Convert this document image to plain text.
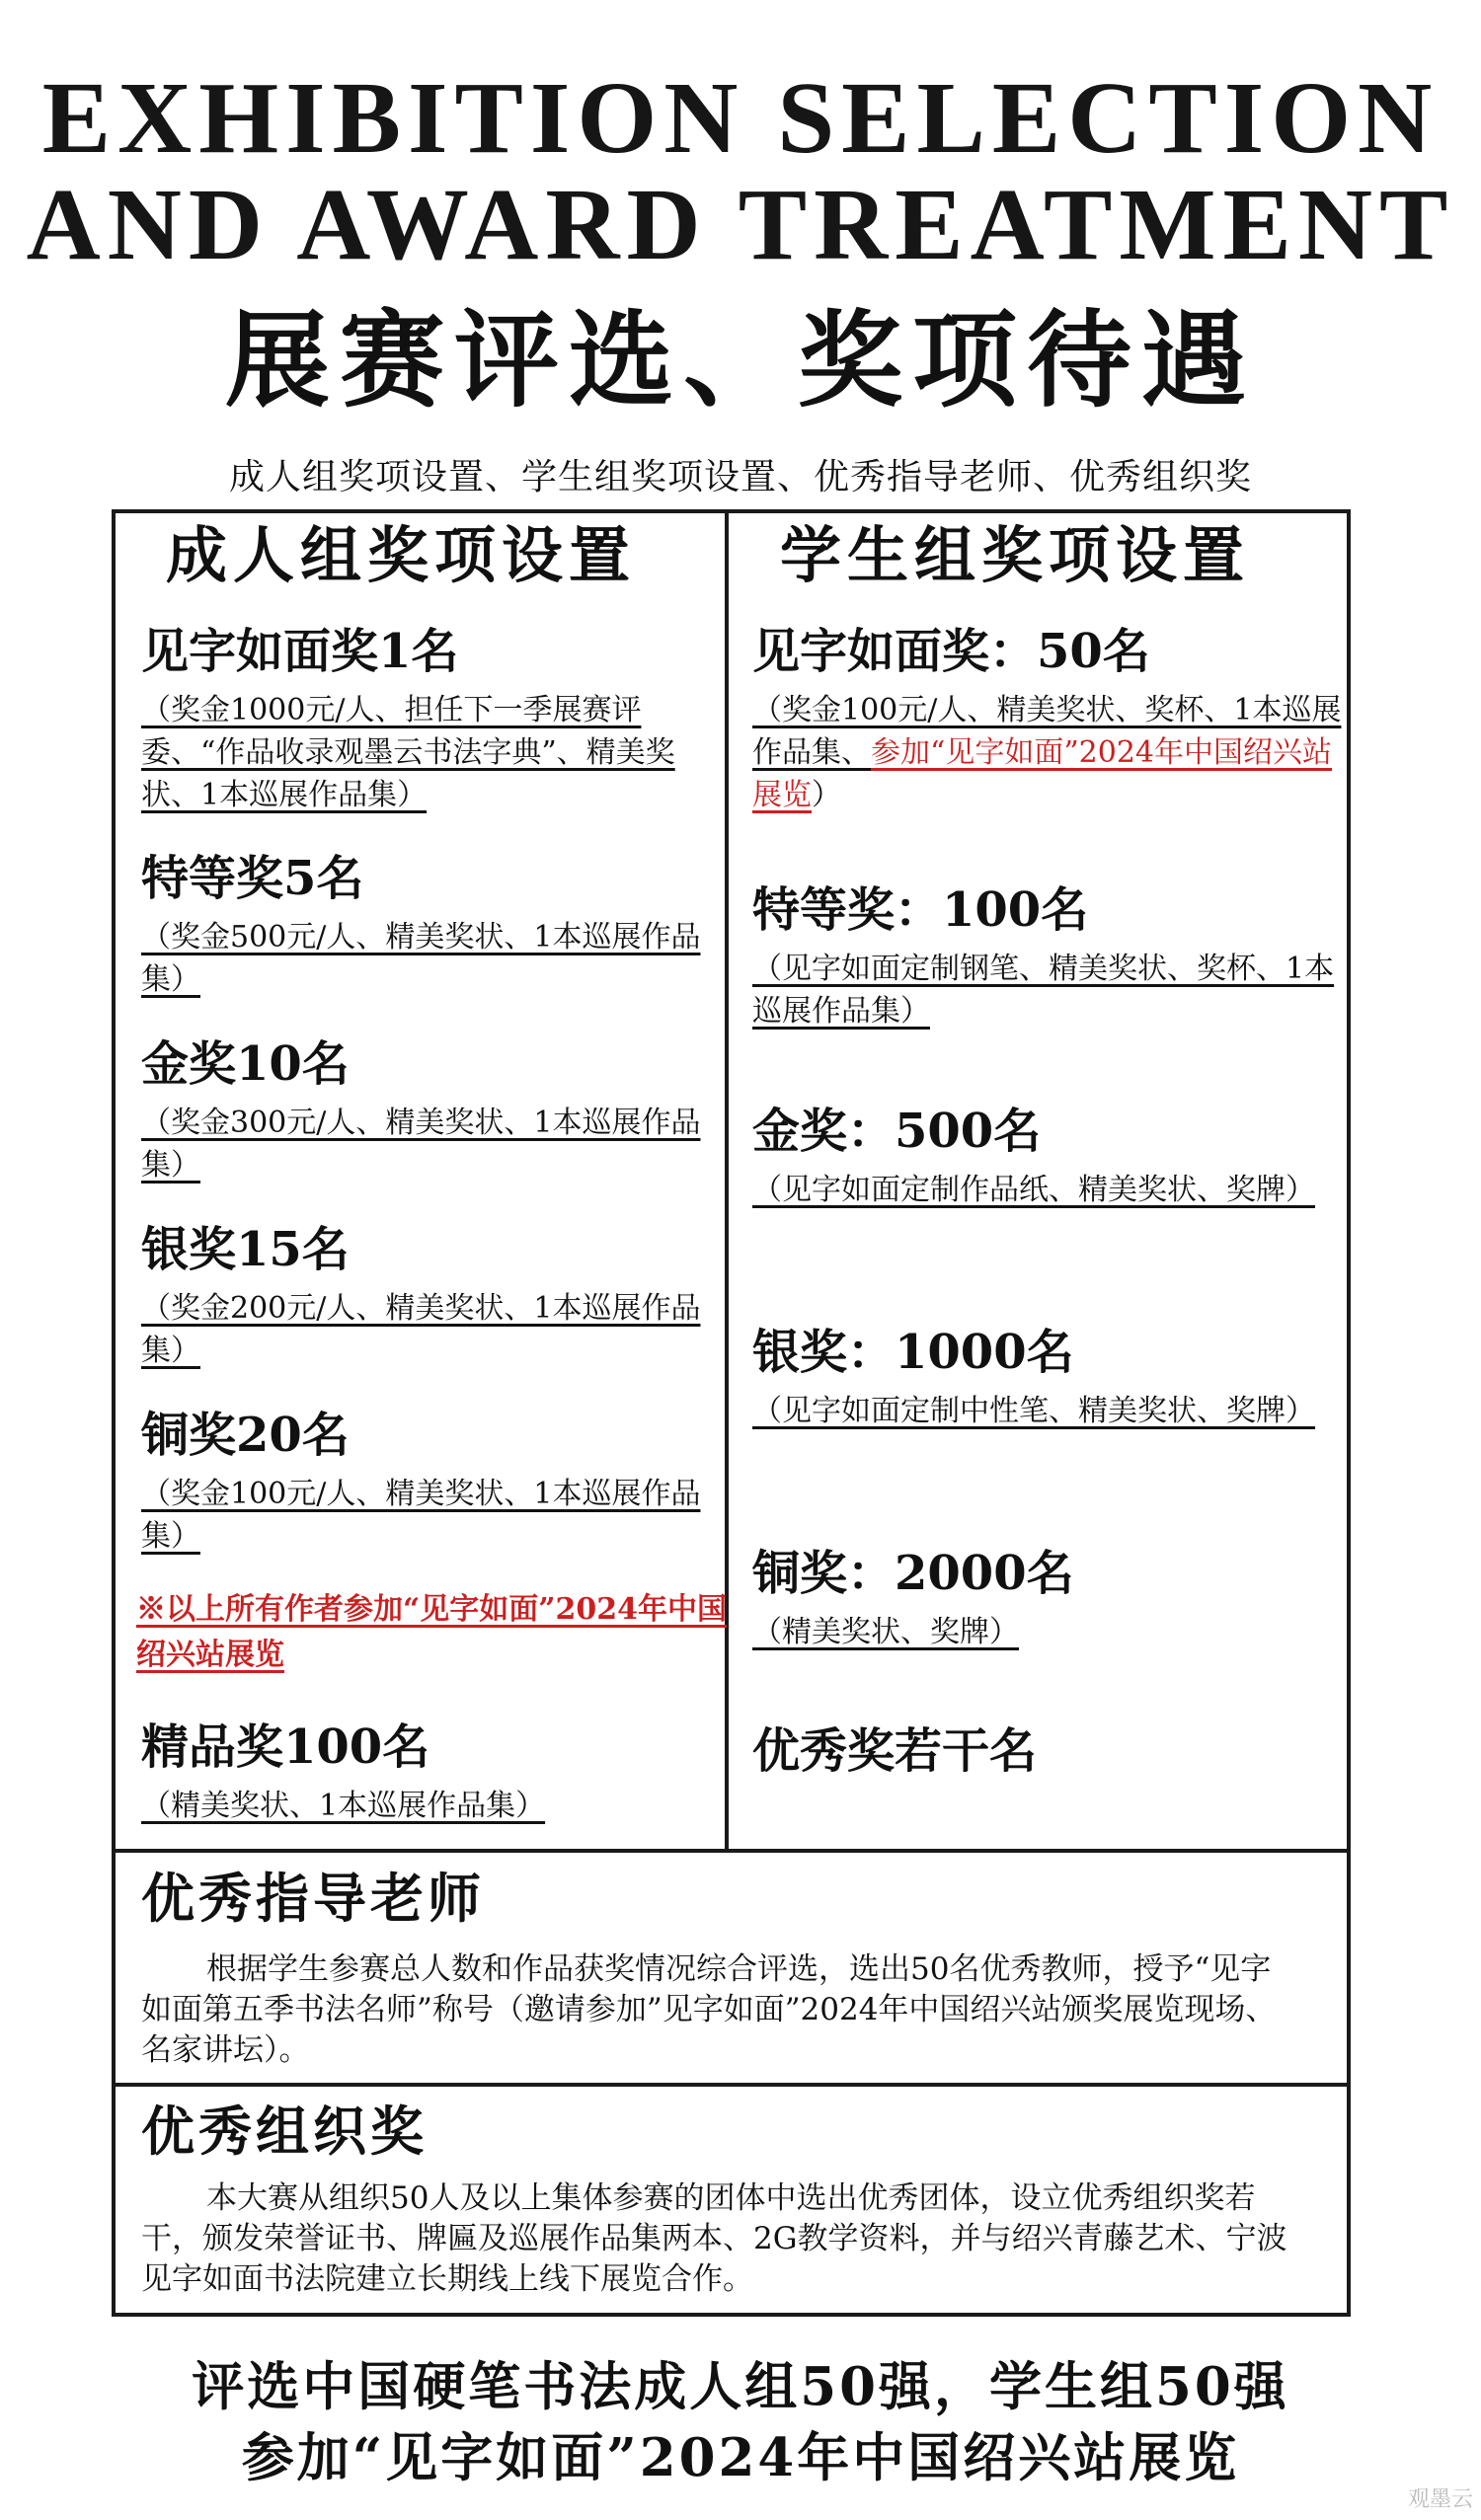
EXHIBITION SELECTION
AND AWARD TREATMENT
展赛评选、奖项待遇
成人组奖项设置、学生组奖项设置、优秀指导老师、优秀组织奖
成人组奖项设置 学生组奖项设置
见字如面奖1名
（奖金1000元/人、担任下一季展赛评委、“作品收录观墨云书法字典”、精美奖状、1本巡展作品集）
特等奖5名
（奖金500元/人、精美奖状、1本巡展作品集）
金奖10名
（奖金300元/人、精美奖状、1本巡展作品集）
银奖15名
（奖金200元/人、精美奖状、1本巡展作品集）
铜奖20名
（奖金100元/人、精美奖状、1本巡展作品集）
※以上所有作者参加“见字如面”2024年中国绍兴站展览
精品奖100名
（精美奖状、1本巡展作品集）
见字如面奖：50名
（奖金100元/人、精美奖状、奖杯、1本巡展作品集、参加“见字如面”2024年中国绍兴站展览）
特等奖：100名
（见字如面定制钢笔、精美奖状、奖杯、1本巡展作品集）
金奖：500名
（见字如面定制作品纸、精美奖状、奖牌）
银奖：1000名
（见字如面定制中性笔、精美奖状、奖牌）
铜奖：2000名
（精美奖状、奖牌）
优秀奖若干名
优秀指导老师
根据学生参赛总人数和作品获奖情况综合评选，选出50名优秀教师，授予“见字如面第五季书法名师”称号（邀请参加”见字如面”2024年中国绍兴站颁奖展览现场、名家讲坛）。
优秀组织奖
本大赛从组织50人及以上集体参赛的团体中选出优秀团体，设立优秀组织奖若干，颁发荣誉证书、牌匾及巡展作品集两本、2G教学资料，并与绍兴青藤艺术、宁波见字如面书法院建立长期线上线下展览合作。
评选中国硬笔书法成人组50强，学生组50强
参加“见字如面”2024年中国绍兴站展览
观墨云
